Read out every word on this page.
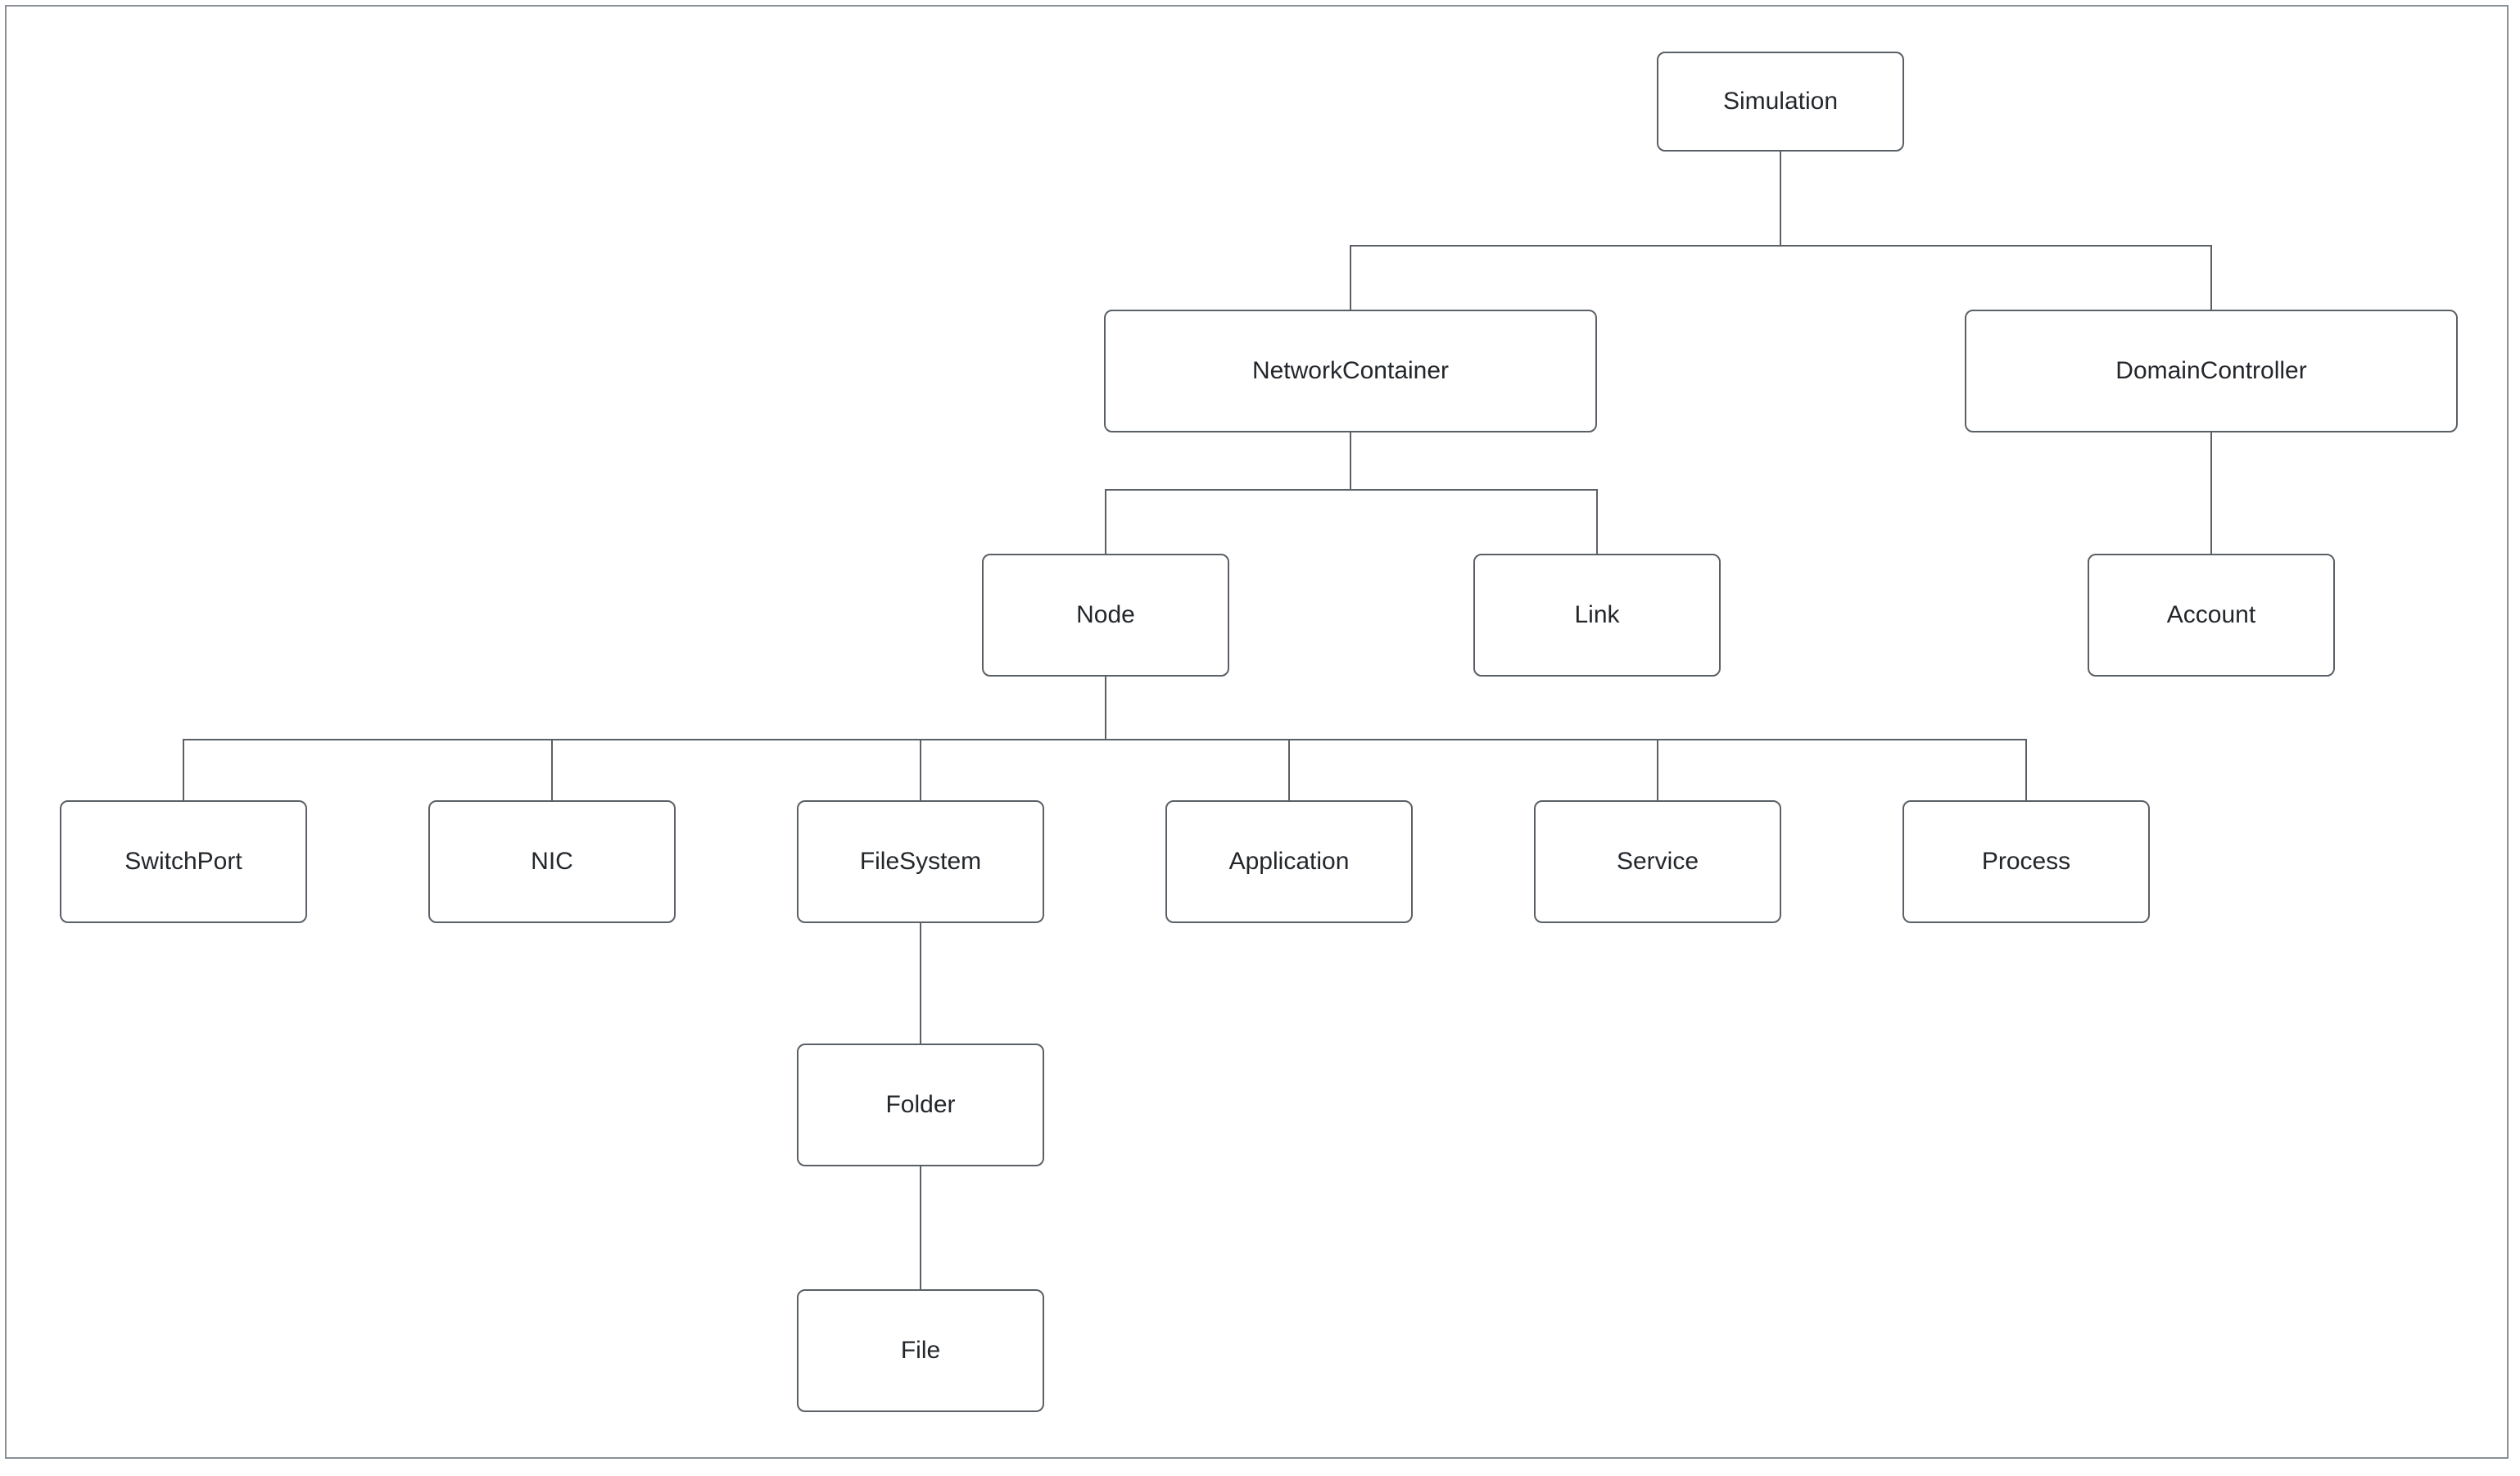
Simulation
NetworkContainer	DomainController
Node	Link	Account
SwitchPort	NIC	FileSystem	Application	Service	Process
Folder
File
